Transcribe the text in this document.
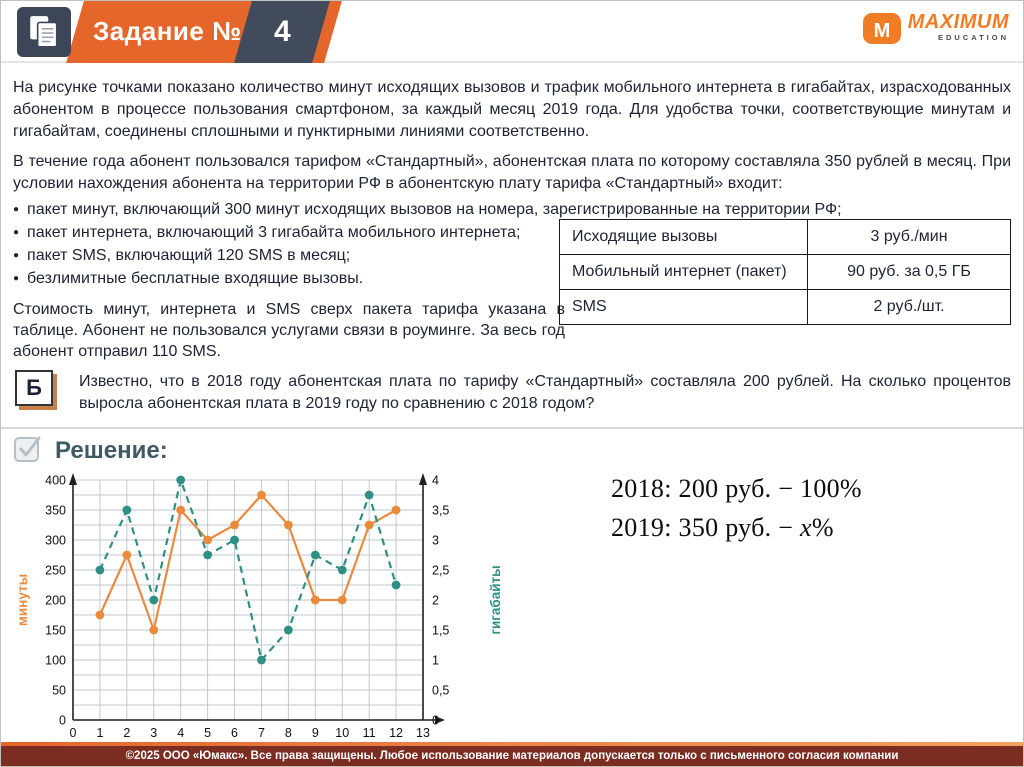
4
Задание №	M MAXIMUM
EDUCATION

На рисунке точками показано количество минут исходящих вызовов и трафик мобильного интернета в гигабайтах, израсходованных абонентом в процессе пользования смартфоном, за каждый месяц 2019 года. Для удобства точки, соответствующие минутам и гигабайтам, соединены сплошными и пунктирными линиями соответственно.

В течение года абонент пользовался тарифом «Стандартный», абонентская плата по которому составляла 350 рублей в месяц. При условии нахождения абонента на территории РФ в абонентскую плату тарифа «Стандартный» входит:

● пакет минут, включающий 300 минут исходящих вызовов на номера, зарегистрированные на территории РФ;
● пакет интернета, включающий 3 гигабайта мобильного интернета;
● пакет SMS, включающий 120 SMS в месяц;
● безлимитные бесплатные входящие вызовы.

Стоимость минут, интернета и SMS сверх пакета тарифа указана в таблице. Абонент не пользовался услугами связи в роуминге. За весь год абонент отправил 110 SMS.

Исходящие вызовы	3 руб./мин
Мобильный интернет (пакет)	90 руб. за 0,5 ГБ
SMS	2 руб./шт.
Б	Известно, что в 2018 году абонентская плата по тарифу «Стандартный» составляла 200 рублей. На сколько процентов выросла абонентская плата в 2019 году по сравнению с 2018 годом?

Решение:
0
50
100
150
200
250
300
350
400
0
0,5
1
1,5
2
2,5
3
3,5
4
0 1 2 3 4 5 6 7 8 9 10 11 12 13
минуты	гигабайты
2018: 200 руб. − 100%
2019: 350 руб. − x%
©2025 ООО «Юмакс». Все права защищены. Любое использование материалов допускается только с письменного согласия компании
